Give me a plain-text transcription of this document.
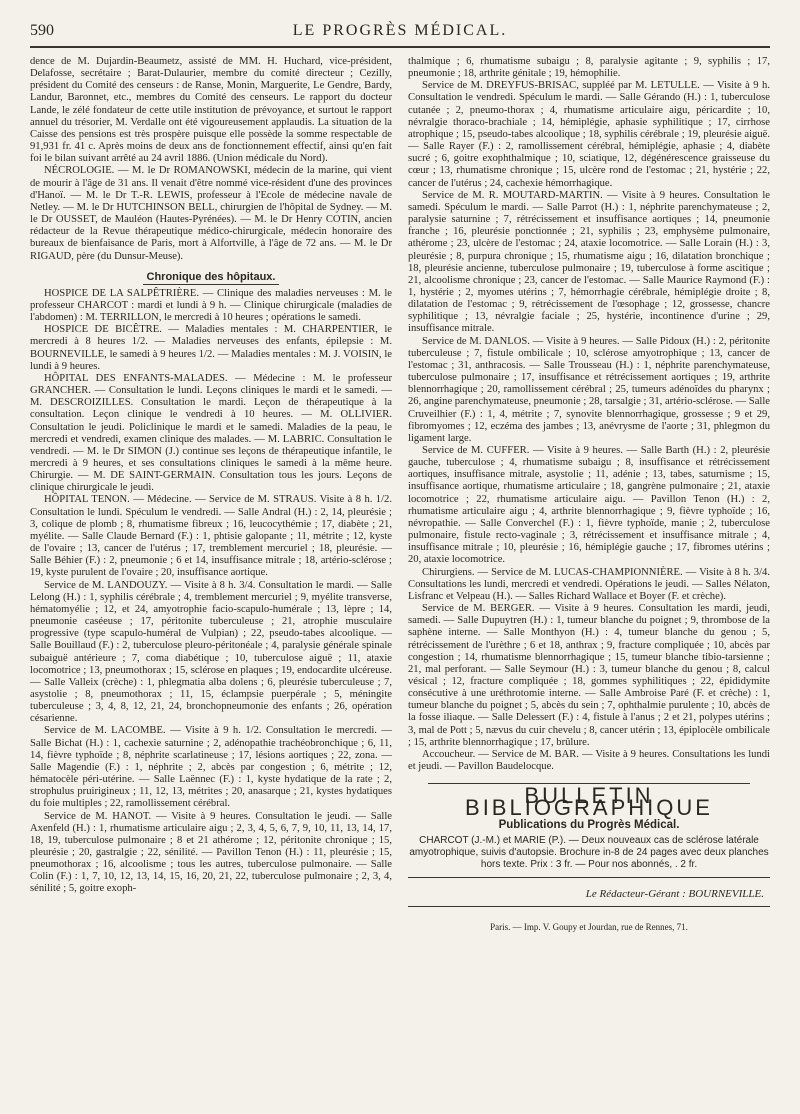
590	LE PROGRÈS MÉDICAL.

dence de M. Dujardin-Beaumetz, assisté de MM. H. Huchard, vice-président, Delafosse, secrétaire ; Barat-Dulaurier, membre du comité directeur ; Cezilly, président du Comité des censeurs : de Ranse, Monin, Marguerite, Le Gendre, Bardy, Landur, Baronnet, etc., membres du Comité des censeurs. Le rapport du docteur Lande, le zélé fondateur de cette utile institution de prévoyance, et surtout le rapport annuel du trésorier, M. Verdalle ont été vigoureusement applaudis. La situation de la Caisse des pensions est très prospère puisque elle possède la somme respectable de 91,931 fr. 41 c. Après moins de deux ans de fonctionnement effectif, ainsi qu'en fait foi le bilan suivant arrêté au 24 avril 1886. (Union médicale du Nord).

NÉCROLOGIE. — M. le Dr ROMANOWSKI, médecin de la marine, qui vient de mourir à l'âge de 31 ans. Il venait d'être nommé vice-résident d'une des provinces d'Hanoï. — M. le Dr T.-R. LEWIS, professeur à l'Ecole de médecine navale de Netley. — M. le Dr HUTCHINSON BELL, chirurgien de l'hôpital de Sydney. — M. le Dr OUSSET, de Mauléon (Hautes-Pyrénées). — M. le Dr Henry COTIN, ancien rédacteur de la Revue thérapeutique médico-chirurgicale, médecin honoraire des bureaux de bienfaisance de Paris, mort à Alfortville, à l'âge de 72 ans. — M. le Dr RIGAUD, père (du Dunsur-Meuse).

Chronique des hôpitaux.

HOSPICE DE LA SALPÊTRIÈRE. — Clinique des maladies nerveuses : M. le professeur CHARCOT : mardi et lundi à 9 h. — Clinique chirurgicale (maladies de l'abdomen) : M. TERRILLON, le mercredi à 10 heures ; opérations le samedi.

HOSPICE DE BICÊTRE. — Maladies mentales : M. CHARPENTIER, le mercredi à 8 heures 1/2. — Maladies nerveuses des enfants, épilepsie : M. BOURNEVILLE, le samedi à 9 heures 1/2. — Maladies mentales : M. J. VOISIN, le lundi à 9 heures.

HÔPITAL DES ENFANTS-MALADES. — Médecine : M. le professeur GRANCHER. — Consultation le lundi. Leçons cliniques le mardi et le samedi. — M. DESCROIZILLES. Consultation le mardi. Leçon de thérapeutique à la consultation. Leçon clinique le vendredi à 10 heures. — M. OLLIVIER. Consultation le jeudi. Policlinique le mardi et le samedi. Maladies de la peau, le mercredi et vendredi, examen clinique des malades. — M. LABRIC. Consultation le vendredi. — M. le Dr SIMON (J.) continue ses leçons de thérapeutique infantile, le mercredi à 9 heures, et ses consultations cliniques le samedi à la même heure. Chirurgie. — M. DE SAINT-GERMAIN. Consultation tous les jours. Leçons de clinique chirurgicale le jeudi.

HÔPITAL TENON. — Médecine. — Service de M. STRAUS. Visite à 8 h. 1/2. Consultation le lundi. Spéculum le vendredi. — Salle Andral (H.) : 2, 14, pleurésie ; 3, colique de plomb ; 8, rhumatisme fibreux ; 16, leucocythémie ; 17, diabète ; 21, myélite. — Salle Claude Bernard (F.) : 1, phtisie galopante ; 11, métrite ; 12, kyste de l'ovaire ; 13, cancer de l'utérus ; 17, tremblement mercuriel ; 18, pleurésie. — Salle Béhier (F.) : 2, pneumonie ; 6 et 14, insuffisance mitrale ; 18, artério-sclérose ; 19, kyste purulent de l'ovaire ; 20, insuffisance aortique.

Service de M. LANDOUZY. — Visite à 8 h. 3/4. Consultation le mardi. — Salle Lelong (H.) : 1, syphilis cérébrale ; 4, tremblement mercuriel ; 9, myélite transverse, hématomyélie ; 12, et 24, amyotrophie facio-scapulo-humérale ; 13, lèpre ; 14, pneumonie caséeuse ; 17, péritonite tuberculeuse ; 21, atrophie musculaire progressive (type scapulo-huméral de Vulpian) ; 22, pseudo-tabes alcoolique. — Salle Bouillaud (F.) : 2, tuberculose pleuro-péritonéale ; 4, paralysie générale spinale subaiguë antérieure ; 7, coma diabétique ; 10, tuberculose aiguë ; 11, ataxie locomotrice ; 13, pneumothorax ; 15, sclérose en plaques ; 19, endocardite ulcéreuse. — Salle Valleix (crèche) : 1, phlegmatia alba dolens ; 6, pleurésie tuberculeuse ; 7, asystolie ; 8, pneumothorax ; 11, 15, éclampsie puerpérale ; 5, méningite tuberculeuse ; 3, 4, 8, 12, 21, 24, bronchopneumonie des enfants ; 26, opération césarienne.

Service de M. LACOMBE. — Visite à 9 h. 1/2. Consultation le mercredi. — Salle Bichat (H.) : 1, cachexie saturnine ; 2, adénopathie trachéobronchique ; 6, 11, 14, fièvre typhoïde ; 8, néphrite scarlatineuse ; 17, lésions aortiques ; 22, zona. — Salle Magendie (F.) : 1, néphrite ; 2, abcès par congestion ; 6, métrite ; 12, hématocèle péri-utérine. — Salle Laënnec (F.) : 1, kyste hydatique de la rate ; 2, strophulus pruirigineux ; 11, 12, 13, métrites ; 20, anasarque ; 21, kystes hydatiques du foie multiples ; 22, ramollissement cérébral.

Service de M. HANOT. — Visite à 9 heures. Consultation le jeudi. — Salle Axenfeld (H.) : 1, rhumatisme articulaire aigu ; 2, 3, 4, 5, 6, 7, 9, 10, 11, 13, 14, 17, 18, 19, tuberculose pulmonaire ; 8 et 21 athérome ; 12, péritonite chronique ; 15, pleurésie ; 20, gastralgie ; 22, sénilité. — Pavillon Tenon (H.) : 11, pleurésie ; 15, pneumothorax ; 16, alcoolisme ; tous les autres, tuberculose pulmonaire. — Salle Colin (F.) : 1, 7, 10, 12, 13, 14, 15, 16, 20, 21, 22, tuberculose pulmonaire ; 2, 3, 4, sénilité ; 5, goitre exoph-

thalmique ; 6, rhumatisme subaigu ; 8, paralysie agitante ; 9, syphilis ; 17, pneumonie ; 18, arthrite génitale ; 19, hémophilie.

Service de M. DREYFUS-BRISAC, suppléé par M. LETULLE. — Visite à 9 h. Consultation le vendredi. Spéculum le mardi. — Salle Gérando (H.) : 1, tuberculose cutanée ; 2, pneumo-thorax ; 4, rhumatisme articulaire aigu, péricardite ; 10, névralgie thoraco-brachiale ; 14, hémiplégie, aphasie syphilitique ; 17, cirrhose atrophique ; 15, pseudo-tabes alcoolique ; 18, syphilis cérébrale ; 19, pleurésie aiguë. — Salle Rayer (F.) : 2, ramollissement cérébral, hémiplégie, aphasie ; 4, diabète sucré ; 6, goitre exophthalmique ; 10, sciatique, 12, dégénérescence graisseuse du cœur ; 13, rhumatisme chronique ; 15, ulcère rond de l'estomac ; 21, hystérie ; 22, cancer de l'utérus ; 24, cachexie hémorrhagique.

Service de M. R. MOUTARD-MARTIN. — Visite à 9 heures. Consultation le samedi. Spéculum le mardi. — Salle Parrot (H.) : 1, néphrite parenchymateuse ; 2, paralysie saturnine ; 7, rétrécissement et insuffisance aortiques ; 14, pneumonie franche ; 16, pleurésie ponctionnée ; 21, syphilis ; 23, emphysème pulmonaire, athérome ; 23, ulcère de l'estomac ; 24, ataxie locomotrice. — Salle Lorain (H.) : 3, pleurésie ; 8, purpura chronique ; 15, rhumatisme aigu ; 16, dilatation bronchique ; 18, pleurésie ancienne, tuberculose pulmonaire ; 19, tuberculose à forme ascitique ; 21, alcoolisme chronique ; 23, cancer de l'estomac. — Salle Maurice Raymond (F.) : 1, hystérie ; 2, myomes utérins ; 7, hémorrhagie cérébrale, hémiplégie droite ; 8, dilatation de l'estomac ; 9, rétrécissement de l'œsophage ; 12, grossesse, chancre syphilitique ; 13, névralgie faciale ; 25, hystérie, incontinence d'urine ; 29, insuffisance mitrale.

Service de M. DANLOS. — Visite à 9 heures. — Salle Pidoux (H.) : 2, péritonite tuberculeuse ; 7, fistule ombilicale ; 10, sclérose amyotrophique ; 13, cancer de l'estomac ; 31, anthracosis. — Salle Trousseau (H.) : 1, néphrite parenchymateuse, tuberculose pulmonaire ; 17, insuffisance et rétrécissement aortiques ; 19, arthrite blennorrhagique ; 20, ramollissement cérébral ; 25, tumeurs adénoïdes du pharynx ; 26, angine parenchymateuse, pneumonie ; 28, tarsalgie ; 31, artério-sclérose. — Salle Cruveilhier (F.) : 1, 4, métrite ; 7, synovite blennorrhagique, grossesse ; 9 et 29, fibromyomes ; 12, eczéma des jambes ; 13, anévrysme de l'aorte ; 31, phlegmon du ligament large.

Service de M. CUFFER. — Visite à 9 heures. — Salle Barth (H.) : 2, pleurésie gauche, tuberculose ; 4, rhumatisme subaigu ; 8, insuffisance et rétrécissement aortiques, insuffisance mitrale, asystolie ; 11, adénie ; 13, tabes, saturnisme ; 15, insuffisance aortique, rhumatisme articulaire ; 18, gangrène pulmonaire ; 21, ataxie locomotrice ; 22, rhumatisme articulaire aigu. — Pavillon Tenon (H.) : 2, rhumatisme articulaire aigu ; 4, arthrite blennorrhagique ; 9, fièvre typhoïde ; 16, névropathie. — Salle Converchel (F.) : 1, fièvre typhoïde, manie ; 2, tuberculose pulmonaire, fistule recto-vaginale ; 3, rétrécissement et insuffisance mitrale ; 4, insuffisance mitrale ; 10, pleurésie ; 16, hémiplégie gauche ; 17, fibromes utérins ; 20, ataxie locomotrice.

Chirurgiens. — Service de M. LUCAS-CHAMPIONNIÈRE. — Visite à 8 h. 3/4. Consultations les lundi, mercredi et vendredi. Opérations le jeudi. — Salles Nélaton, Lisfranc et Velpeau (H.). — Salles Richard Wallace et Boyer (F. et crèche).

Service de M. BERGER. — Visite à 9 heures. Consultation les mardi, jeudi, samedi. — Salle Dupuytren (H.) : 1, tumeur blanche du poignet ; 9, thrombose de la saphène interne. — Salle Monthyon (H.) : 4, tumeur blanche du genou ; 5, rétrécissement de l'urèthre ; 6 et 18, anthrax ; 9, fracture compliquée ; 10, abcès par congestion ; 14, rhumatisme blennorrhagique ; 15, tumeur blanche tibio-tarsienne ; 21, mal perforant. — Salle Seymour (H.) : 3, tumeur blanche du genou ; 8, calcul vésical ; 12, fracture compliquée ; 18, gommes syphilitiques ; 22, épididymite consécutive à une uréthrotomie interne. — Salle Ambroise Paré (F. et crèche) : 1, tumeur blanche du poignet ; 5, abcès du sein ; 7, ophthalmie purulente ; 10, abcès de la fosse iliaque. — Salle Delessert (F.) : 4, fistule à l'anus ; 2 et 21, polypes utérins ; 3, mal de Pott ; 5, nævus du cuir chevelu ; 8, cancer utérin ; 13, épiplocèle ombilicale ; 15, arthrite blennorrhagique ; 17, brûlure.

Accoucheur. — Service de M. BAR. — Visite à 9 heures. Consultations les lundi et jeudi. — Pavillon Baudelocque.

BULLETIN BIBLIOGRAPHIQUE
Publications du Progrès Médical.
CHARCOT (J.-M.) et MARIE (P.). — Deux nouveaux cas de sclérose latérale amyotrophique, suivis d'autopsie. Brochure in-8 de 24 pages avec deux planches hors texte. Prix : 3 fr. — Pour nos abonnés, . 2 fr.
Le Rédacteur-Gérant : BOURNEVILLE.
Paris. — Imp. V. Goupy et Jourdan, rue de Rennes, 71.
